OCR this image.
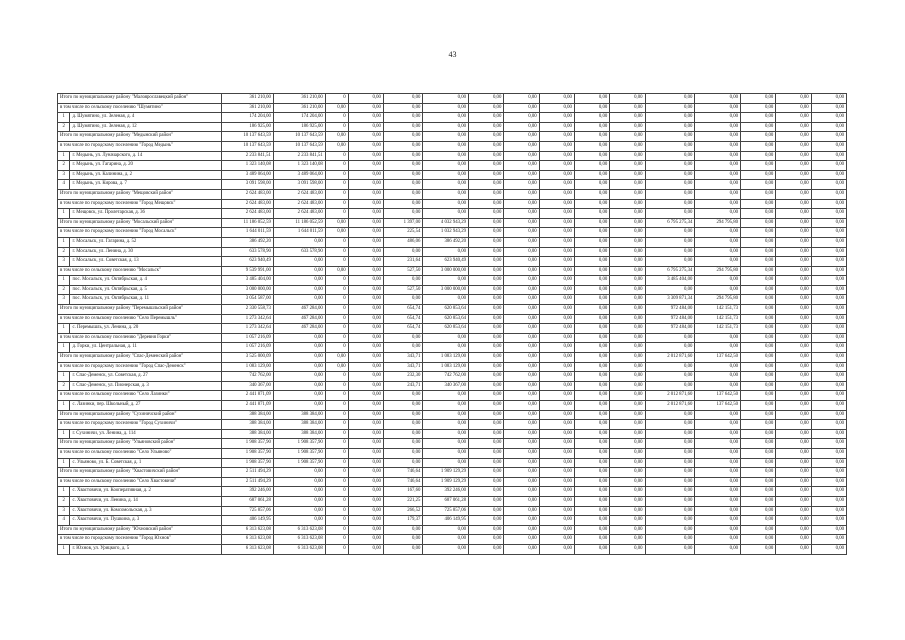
43
Итого по муниципальному району "Малоярославецкий район"		361 210,00	361 210,00	0	0,00	0,00	0,00	0,00	0,00	0,00	0,00	0,00	0,00	0,00	0,00	0,00	0,00
в том числе по сельскому поселению "Шумятино"		361 210,00	361 210,00	0,00	0,00	0,00	0,00	0,00	0,00	0,00	0,00	0,00	0,00	0,00	0,00	0,00	0,00
1	д. Шумятино, ул. Зеленая, д. 4	174 204,00	174 204,00	0	0,00	0,00	0,00	0,00	0,00	0,00	0,00	0,00	0,00	0,00	0,00	0,00	0,00
2	д. Шумятино, ул. Зеленая, д. 12	186 925,00	186 925,00	0	0,00	0,00	0,00	0,00	0,00	0,00	0,00	0,00	0,00	0,00	0,00	0,00	0,00
Итого по муниципальному району "Медынский район"		10 137 643,59	10 137 643,59	0,00	0,00	0,00	0,00	0,00	0,00	0,00	0,00	0,00	0,00	0,00	0,00	0,00	0,00
в том числе по городскому поселению "Город Медынь"		10 137 643,59	10 137 643,59	0,00	0,00	0,00	0,00	0,00	0,00	0,00	0,00	0,00	0,00	0,00	0,00	0,00	0,00
1	г. Медынь, ул. Луначарского, д. 14	2 233 841,51	2 233 841,51	0	0,00	0,00	0,00	0,00	0,00	0,00	0,00	0,00	0,00	0,00	0,00	0,00	0,00
2	г. Медынь, ул. Гагарина, д. 20	1 323 140,08	1 323 140,08	0	0,00	0,00	0,00	0,00	0,00	0,00	0,00	0,00	0,00	0,00	0,00	0,00	0,00
3	г. Медынь, ул. Калинина, д. 2	3 489 064,00	3 489 064,00	0	0,00	0,00	0,00	0,00	0,00	0,00	0,00	0,00	0,00	0,00	0,00	0,00	0,00
4	г. Медынь, ул. Кирова, д. 7	3 091 598,00	3 091 598,00	0	0,00	0,00	0,00	0,00	0,00	0,00	0,00	0,00	0,00	0,00	0,00	0,00	0,00
Итого по муниципальному району "Мещовский район"		2 624 483,00	2 624 483,00	0	0,00	0,00	0,00	0,00	0,00	0,00	0,00	0,00	0,00	0,00	0,00	0,00	0,00
в том числе по городскому поселению "Город Мещовск"		2 624 483,00	2 624 483,00	0	0,00	0,00	0,00	0,00	0,00	0,00	0,00	0,00	0,00	0,00	0,00	0,00	0,00
1	г. Мещовск, ул. Пролетарская, д. 36	2 624 483,00	2 624 483,00	0	0,00	0,00	0,00	0,00	0,00	0,00	0,00	0,00	0,00	0,00	0,00	0,00	0,00
Итого по муниципальному району "Мосальский район"		11 186 052,59	11 186 052,59	0,00	0,00	1 397,00	4 032 943,29	0,00	0,00	0,00	0,00	0,00	6 795 275,34	294 795,80	0,00	0,00	0,00
в том числе по городскому поселению "Город Мосальск"		1 644 011,59	1 644 011,59	0,00	0,00	225,54	1 032 943,29	0,00	0,00	0,00	0,00	0,00	0,00	0,00	0,00	0,00	0,00
1	г. Мосальск, ул. Гагарина, д. 52	386 492,20	0,00	0	0,00	486,06	386 492,20	0,00	0,00	0,00	0,00	0,00	0,00	0,00	0,00	0,00	0,00
2	г. Мосальск, ул. Ленина, д. 30	633 578,90	633 578,90	0	0,00	0,00	0,00	0,00	0,00	0,00	0,00	0,00	0,00	0,00	0,00	0,00	0,00
3	г. Мосальск, ул. Советская, д. 13	623 940,49	0,00	0	0,00	231,64	623 940,49	0,00	0,00	0,00	0,00	0,00	0,00	0,00	0,00	0,00	0,00
в том числе по сельскому поселению "Мосальск"		9 539 991,00	0,00	0,00	0,00	527,50	3 000 000,00	0,00	0,00	0,00	0,00	0,00	6 795 275,34	294 795,80	0,00	0,00	0,00
1	пос. Мосальск, ул. Октябрьская, д. 4	3 485 404,00	0,00	0	0,00	0,00	0,00	0,00	0,00	0,00	0,00	0,00	3 485 404,00	0,00	0,00	0,00	0,00
2	пос. Мосальск, ул. Октябрьская, д. 5	3 000 000,00	0,00	0	0,00	527,50	3 000 000,00	0,00	0,00	0,00	0,00	0,00	0,00	0,00	0,00	0,00	0,00
3	пос. Мосальск, ул. Октябрьская, д. 11	3 054 587,00	0,00	0	0,00	0,00	0,00	0,00	0,00	0,00	0,00	0,00	3 309 871,34	294 795,80	0,00	0,00	0,00
Итого по муниципальному району "Перемышльский район"		2 330 558,73	467 284,00	0	0,00	654,74	620 853,64	0,00	0,00	0,00	0,00	0,00	972 484,00	142 151,73	0,00	0,00	0,00
в том числе по сельскому поселению "Село Перемышль"		1 273 342,64	467 284,00	0	0,00	654,74	620 853,64	0,00	0,00	0,00	0,00	0,00	972 484,00	142 151,73	0,00	0,00	0,00
1	с. Перемышль, ул. Ленина, д. 20	1 273 342,64	467 284,00	0	0,00	654,74	620 853,64	0,00	0,00	0,00	0,00	0,00	972 484,00	142 151,73	0,00	0,00	0,00
в том числе по сельскому поселению "Деревня Горки"		1 057 216,09	0,00	0	0,00	0,00	0,00	0,00	0,00	0,00	0,00	0,00	0,00	0,00	0,00	0,00	0,00
1	д. Горки, ул. Центральная, д. 11	1 057 216,09	0,00	0	0,00	0,00	0,00	0,00	0,00	0,00	0,00	0,00	0,00	0,00	0,00	0,00	0,00
Итого по муниципальному району "Спас-Деменский район"		3 525 000,09	0,00	0,00	0,00	343,71	1 083 129,00	0,00	0,00	0,00	0,00	0,00	2 012 871,60	137 642,50	0,00	0,00	0,00
в том числе по городскому поселению "Город Спас-Деменск"		1 083 129,00	0,00	0,00	0,00	343,71	1 083 129,00	0,00	0,00	0,00	0,00	0,00	0,00	0,00	0,00	0,00	0,00
1	г. Спас-Деменск, ул. Советская, д. 27	742 762,00	0,00	0	0,00	232,30	742 762,00	0,00	0,00	0,00	0,00	0,00	0,00	0,00	0,00	0,00	0,00
2	г. Спас-Деменск, ул. Пионерская, д. 3	340 367,00	0,00	0	0,00	243,71	340 367,00	0,00	0,00	0,00	0,00	0,00	0,00	0,00	0,00	0,00	0,00
в том числе по сельскому поселению "Село Лазинки"		2 441 871,09	0,00	0	0,00	0,00	0,00	0,00	0,00	0,00	0,00	0,00	2 012 871,60	137 642,50	0,00	0,00	0,00
1	с. Лазинки, пер. Школьный, д. 27	2 441 871,09	0,00	0	0,00	0,00	0,00	0,00	0,00	0,00	0,00	0,00	2 012 871,60	137 642,50	0,00	0,00	0,00
Итого по муниципальному району "Сухиничский район"		388 384,00	388 384,00	0	0,00	0,00	0,00	0,00	0,00	0,00	0,00	0,00	0,00	0,00	0,00	0,00	0,00
в том числе по городскому поселению "Город Сухиничи"		388 384,00	388 384,00	0	0,00	0,00	0,00	0,00	0,00	0,00	0,00	0,00	0,00	0,00	0,00	0,00	0,00
1	г. Сухиничи, ул. Ленина, д. 114	388 384,00	388 384,00	0	0,00	0,00	0,00	0,00	0,00	0,00	0,00	0,00	0,00	0,00	0,00	0,00	0,00
Итого по муниципальному району "Ульяновский район"		1 908 357,90	1 908 357,90	0	0,00	0,00	0,00	0,00	0,00	0,00	0,00	0,00	0,00	0,00	0,00	0,00	0,00
в том числе по сельскому поселению "Село Ульяново"		1 908 357,90	1 908 357,90	0	0,00	0,00	0,00	0,00	0,00	0,00	0,00	0,00	0,00	0,00	0,00	0,00	0,00
1	с. Ульяново, ул. Б. Советская, д. 1	1 908 357,90	1 908 357,90	0	0,00	0,00	0,00	0,00	0,00	0,00	0,00	0,00	0,00	0,00	0,00	0,00	0,00
Итого по муниципальному району "Хвастовичский район"		2 511 494,29	0,00	0	0,00	746,64	1 909 129,29	0,00	0,00	0,00	0,00	0,00	0,00	0,00	0,00	0,00	0,00
в том числе по сельскому поселению "Село Хвастовичи"		2 511 494,29	0,00	0	0,00	746,64	1 909 129,29	0,00	0,00	0,00	0,00	0,00	0,00	0,00	0,00	0,00	0,00
1	с. Хвастовичи, ул. Кооперативная, д. 2	392 246,00	0,00	0	0,00	167,60	392 246,00	0,00	0,00	0,00	0,00	0,00	0,00	0,00	0,00	0,00	0,00
2	с. Хвастовичи, ул. Ленина, д. 14	687 061,28	0,00	0	0,00	221,25	687 061,28	0,00	0,00	0,00	0,00	0,00	0,00	0,00	0,00	0,00	0,00
3	с. Хвастовичи, ул. Комсомольская, д. 3	725 857,06	0,00	0	0,00	266,52	725 857,06	0,00	0,00	0,00	0,00	0,00	0,00	0,00	0,00	0,00	0,00
4	с. Хвастовичи, ул. Пушкина, д. 3	406 149,95	0,00	0	0,00	179,37	406 149,95	0,00	0,00	0,00	0,00	0,00	0,00	0,00	0,00	0,00	0,00
Итого по муниципальному району "Юхновский район"		6 313 623,08	6 313 623,08	0	0,00	0,00	0,00	0,00	0,00	0,00	0,00	0,00	0,00	0,00	0,00	0,00	0,00
в том числе по городскому поселению "Город Юхнов"		6 313 623,08	6 313 623,08	0	0,00	0,00	0,00	0,00	0,00	0,00	0,00	0,00	0,00	0,00	0,00	0,00	0,00
1	г. Юхнов, ул. Урицкого, д. 5	6 313 623,08	6 313 623,08	0	0,00	0,00	0,00	0,00	0,00	0,00	0,00	0,00	0,00	0,00	0,00	0,00	0,00
